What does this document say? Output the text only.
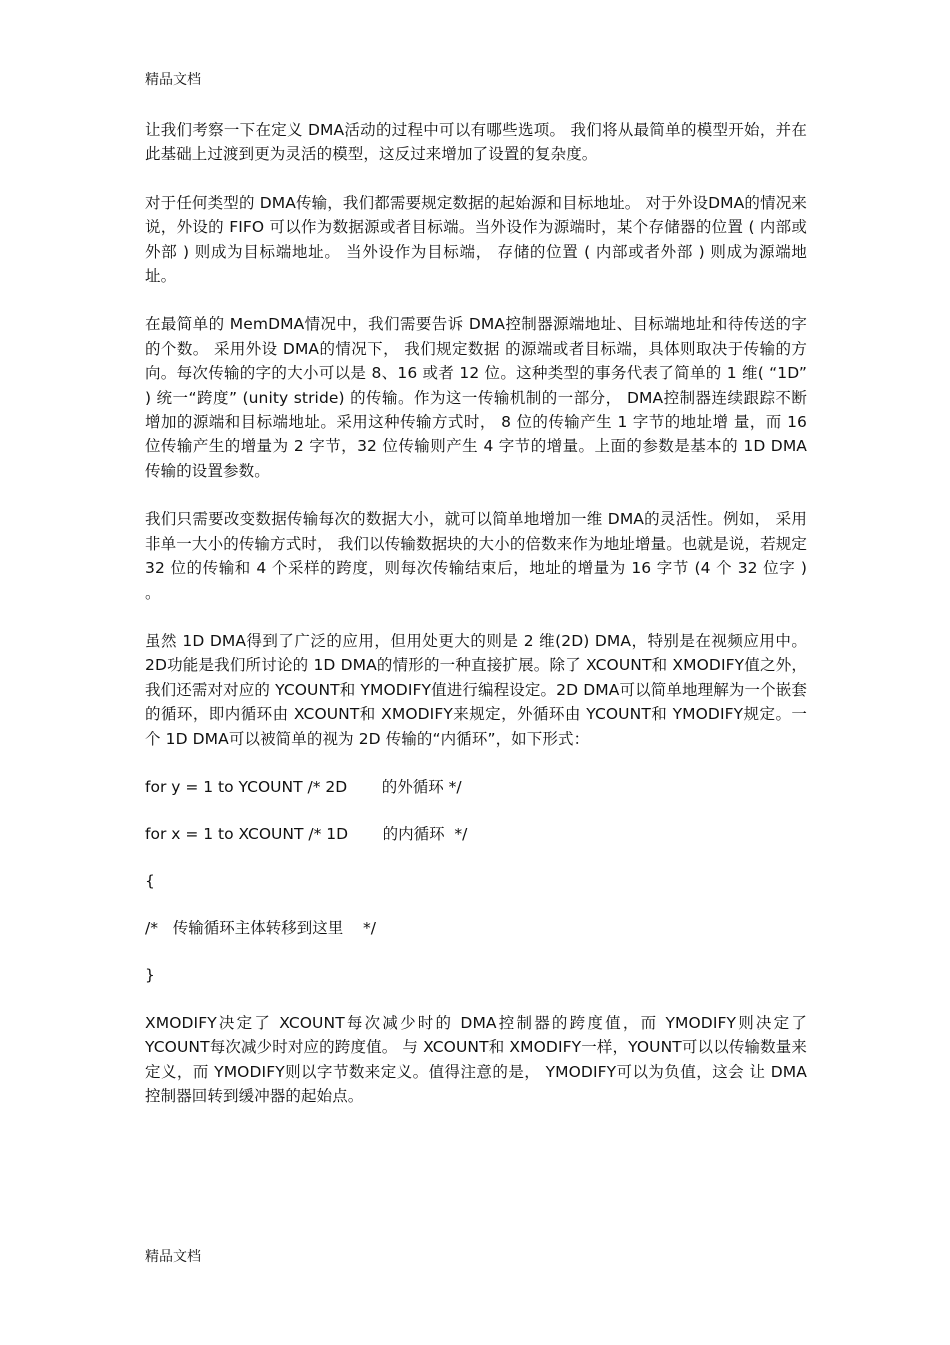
精品文档

让我们考察一下在定义 DMA活动的过程中可以有哪些选项。 我们将从最简单的模型开始，并在此基础上过渡到更为灵活的模型，这反过来增加了设置的复杂度。

对于任何类型的 DMA传输，我们都需要规定数据的起始源和目标地址。 对于外设DMA的情况来说，外设的 FIFO 可以作为数据源或者目标端。当外设作为源端时，某个存储器的位置 ( 内部或外部 ) 则成为目标端地址。 当外设作为目标端， 存储的位置 ( 内部或者外部 ) 则成为源端地址。

在最简单的 MemDMA情况中，我们需要告诉 DMA控制器源端地址、目标端地址和待传送的字的个数。 采用外设 DMA的情况下， 我们规定数据 的源端或者目标端，具体则取决于传输的方向。每次传输的字的大小可以是 8、16 或者 12 位。这种类型的事务代表了简单的 1 维( “1D” ) 统一“跨度” (unity stride) 的传输。作为这一传输机制的一部分， DMA控制器连续跟踪不断增加的源端和目标端地址。采用这种传输方式时， 8 位的传输产生 1 字节的地址增 量，而 16 位传输产生的增量为 2 字节，32 位传输则产生 4 字节的增量。上面的参数是基本的 1D DMA传输的设置参数。

我们只需要改变数据传输每次的数据大小，就可以简单地增加一维 DMA的灵活性。例如， 采用非单一大小的传输方式时， 我们以传输数据块的大小的倍数来作为地址增量。也就是说，若规定 32 位的传输和 4 个采样的跨度，则每次传输结束后，地址的增量为 16 字节 (4 个 32 位字 ) 。

虽然 1D DMA得到了广泛的应用，但用处更大的则是 2 维(2D) DMA，特别是在视频应用中。 2D功能是我们所讨论的 1D DMA的情形的一种直接扩展。除了 XCOUNT和 XMODIFY值之外，我们还需对对应的 YCOUNT和 YMODIFY值进行编程设定。2D DMA可以简单地理解为一个嵌套的循环，即内循环由 XCOUNT和 XMODIFY来规定，外循环由 YCOUNT和 YMODIFY规定。一个 1D DMA可以被简单的视为 2D 传输的“内循环”，如下形式：

for y = 1 to YCOUNT /* 2D       的外循环 */
for x = 1 to XCOUNT /* 1D       的内循环  */
{
/*   传输循环主体转移到这里    */
}

XMODIFY决定了 XCOUNT每次减少时的 DMA控制器的跨度值，而 YMODIFY则决定了 YCOUNT每次减少时对应的跨度值。 与 XCOUNT和 XMODIFY一样，YOUNT可以以传输数量来定义，而 YMODIFY则以字节数来定义。值得注意的是， YMODIFY可以为负值，这会 让 DMA控制器回转到缓冲器的起始点。

精品文档
